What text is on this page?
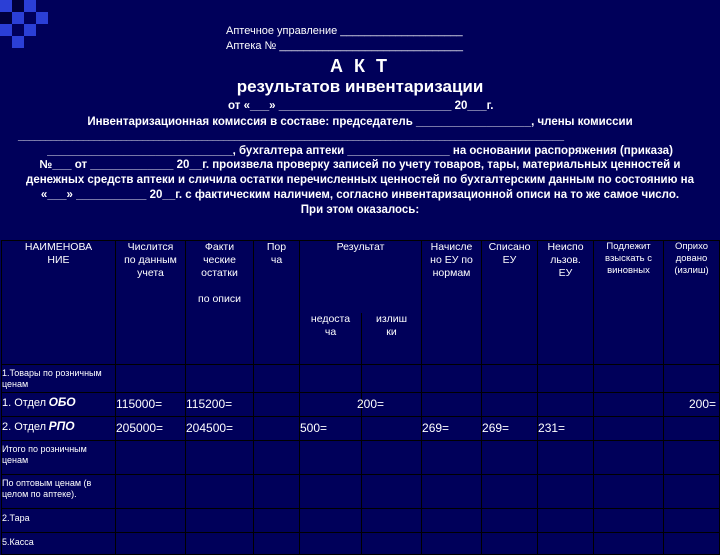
Аптечное управление ____________________
Аптека № ______________________________
А К Т
результатов инвентаризации
от «___» ___________________________ 20___г.
Инвентаризационная комиссия в составе: председатель __________________, члены комиссии
_____________________________________________________________________________________________________
_____________________________, бухгалтера аптеки ________________ на основании распоряжения (приказа)
№___ от _____________ 20__г. произвела проверку записей по учету товаров, тары, материальных ценностей и
денежных средств аптеки и сличила остатки перечисленных ценностей по бухгалтерским данным по состоянию на
«___» ___________ 20__г. с фактическим наличием, согласно инвентаризационной описи на то же самое число.
При этом оказалось:
НАИМЕНОВА
НИЕ	Числится
по данным
учета	Факти
ческие
остатки

по описи	Пор
ча	Результат		Начисле
но ЕУ по
нормам	Списано
ЕУ	Неиспо
льзов.
ЕУ	Подлежит
взыскать с
виновных	Оприхо
довано
(излиш)
				недоста
ча	излиш
ки					
1.Товары по розничным ценам										
1. Отдел ОБО	115000=	115200=			200=					200=

2. Отдел РПО	205000=	204500=		500=		269=	269=	231=		
Итого по розничным ценам										
По оптовым ценам (в целом по аптеке).										
2.Тара										
5.Касса										
